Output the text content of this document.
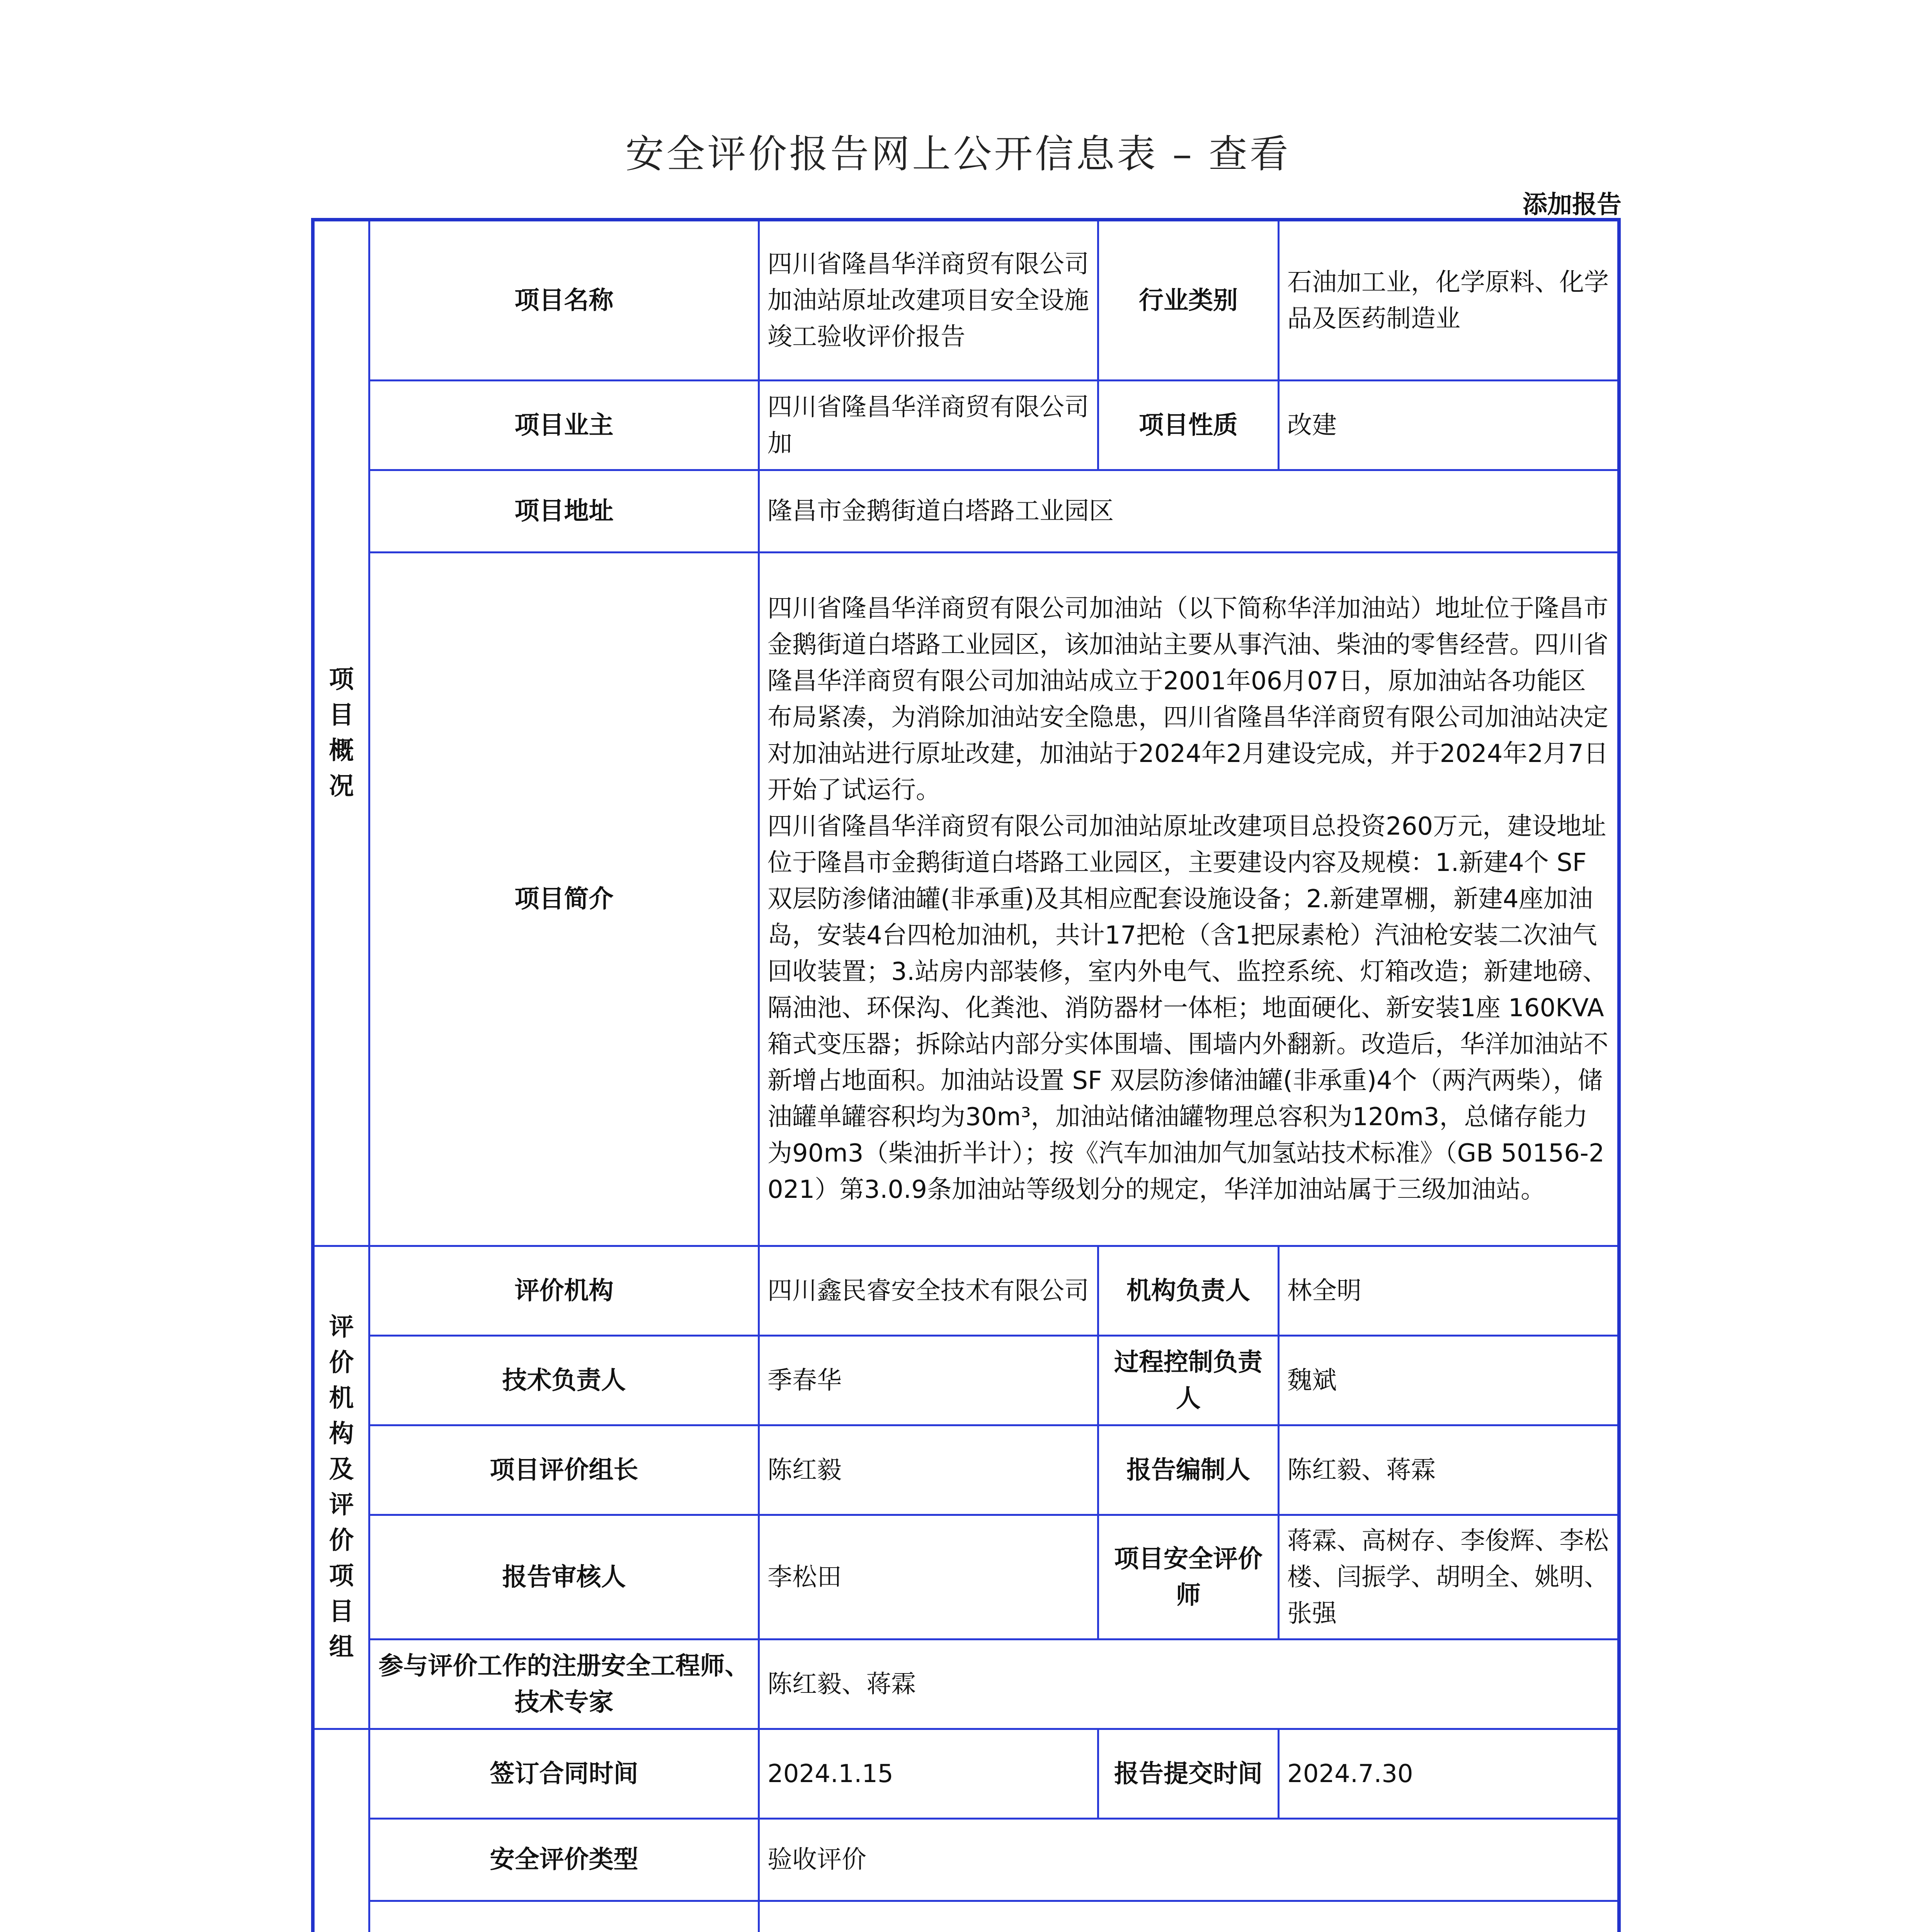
安全评价报告网上公开信息表 – 查看
添加报告
项目概况	项目名称	四川省隆昌华洋商贸有限公司加油站原址改建项目安全设施竣工验收评价报告	行业类别	石油加工业，化学原料、化学品及医药制造业
	项目业主	四川省隆昌华洋商贸有限公司加	项目性质	改建
	项目地址	隆昌市金鹅街道白塔路工业园区		
	项目简介	四川省隆昌华洋商贸有限公司加油站（以下简称华洋加油站）地址位于隆昌市金鹅街道白塔路工业园区，该加油站主要从事汽油、柴油的零售经营。四川省隆昌华洋商贸有限公司加油站成立于2001年06月07日，原加油站各功能区布局紧凑，为消除加油站安全隐患，四川省隆昌华洋商贸有限公司加油站决定对加油站进行原址改建，加油站于2024年2月建设完成，并于2024年2月7日开始了试运行。
四川省隆昌华洋商贸有限公司加油站原址改建项目总投资260万元，建设地址位于隆昌市金鹅街道白塔路工业园区，主要建设内容及规模：1.新建4个 SF 双层防渗储油罐(非承重)及其相应配套设施设备；2.新建罩棚，新建4座加油岛，安装4台四枪加油机，共计17把枪（含1把尿素枪）汽油枪安装二次油气回收装置；3.站房内部装修，室内外电气、监控系统、灯箱改造；新建地磅、隔油池、环保沟、化粪池、消防器材一体柜；地面硬化、新安装1座 160KVA 箱式变压器；拆除站内部分实体围墙、围墙内外翻新。改造后，华洋加油站不新增占地面积。加油站设置 SF 双层防渗储油罐(非承重)4个（两汽两柴），储油罐单罐容积均为30m³，加油站储油罐物理总容积为120m3，总储存能力为90m3（柴油折半计）；按《汽车加油加气加氢站技术标准》（GB 50156-2021）第3.0.9条加油站等级划分的规定，华洋加油站属于三级加油站。		

评价机构及评价项目组	评价机构	四川鑫民睿安全技术有限公司	机构负责人	林全明
	技术负责人	季春华	过程控制负责人	魏斌
	项目评价组长	陈红毅	报告编制人	陈红毅、蒋霖
	报告审核人	李松田	项目安全评价师	蒋霖、高树存、李俊辉、李松楼、闫振学、胡明全、姚明、张强
	参与评价工作的注册安全工程师、技术专家	陈红毅、蒋霖		
	签订合同时间	2024.1.15	报告提交时间	2024.7.30
	安全评价类型	验收评价		
